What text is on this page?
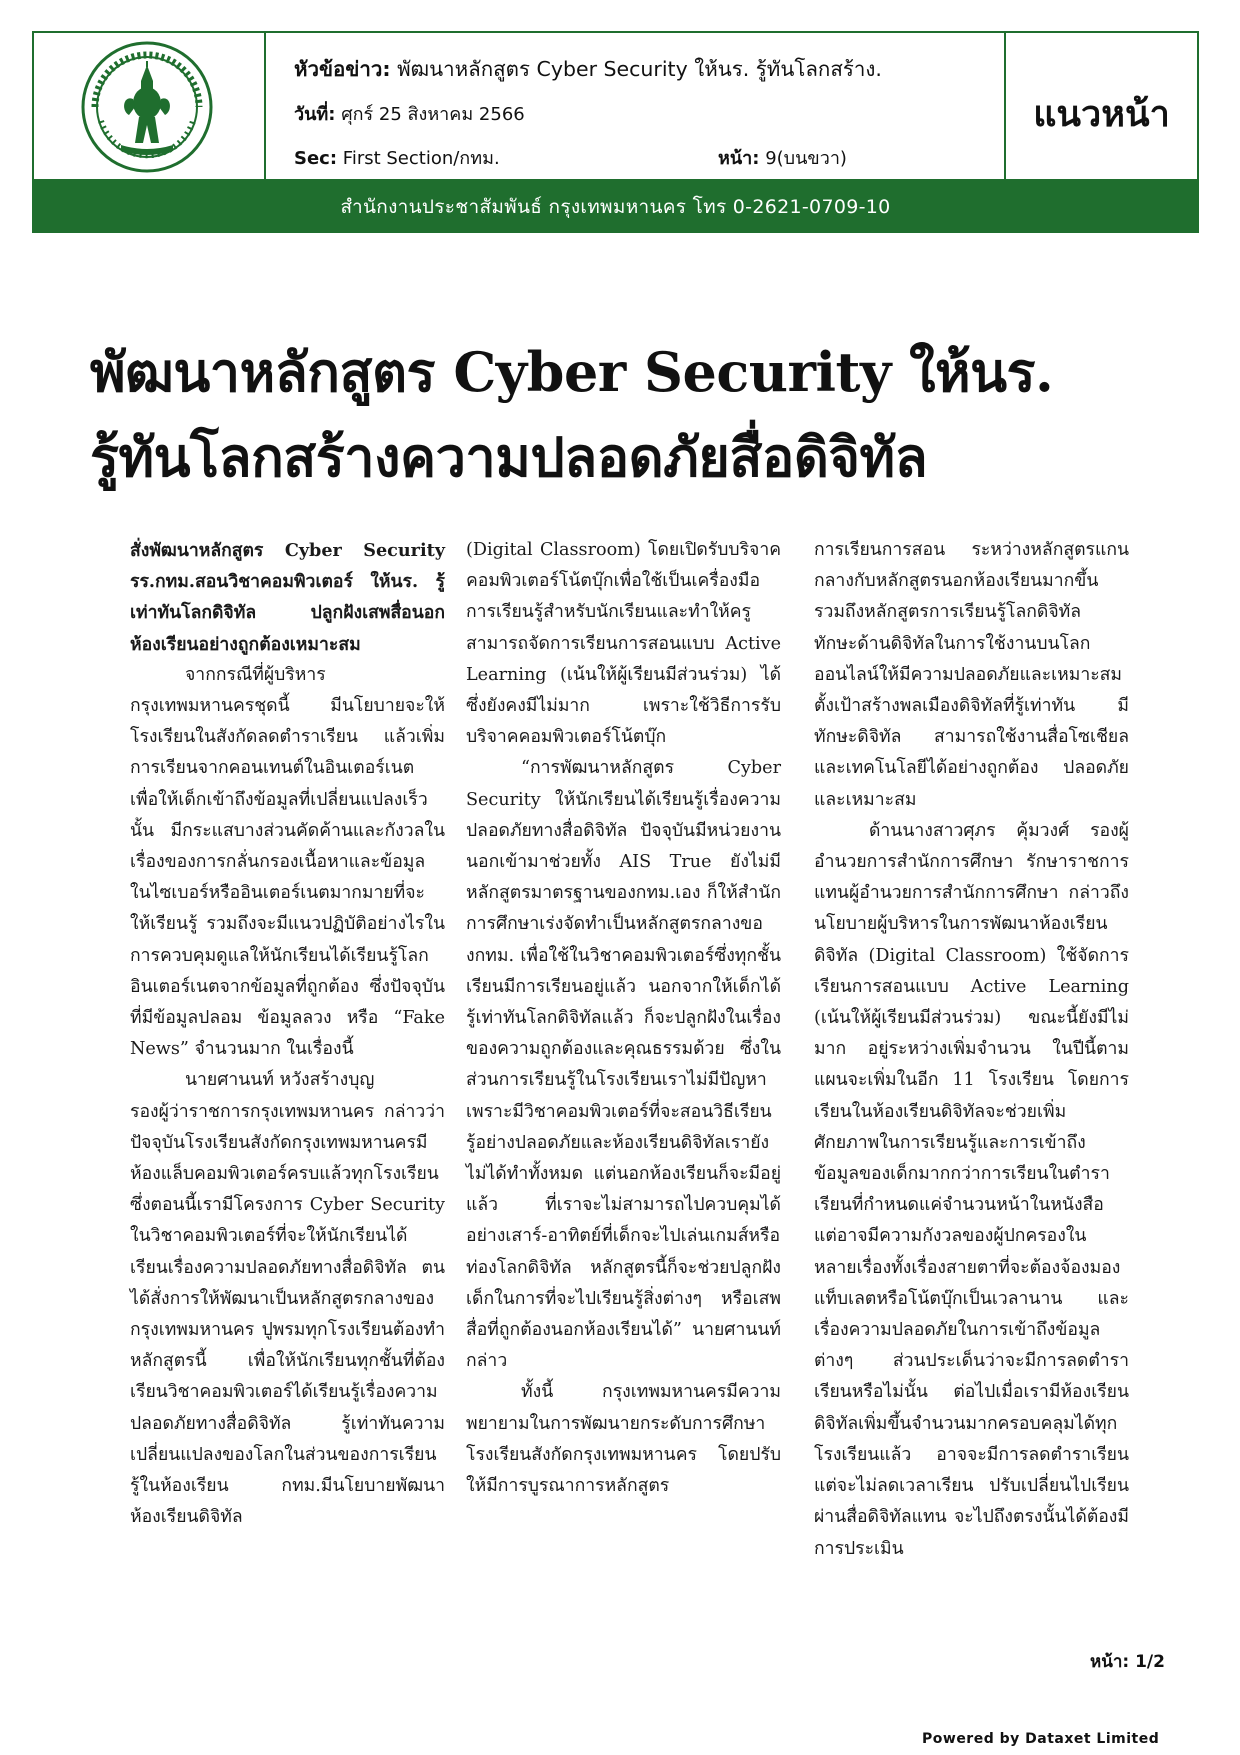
หัวข้อข่าว: พัฒนาหลักสูตร Cyber Security ให้นร. รู้ทันโลกสร้าง.
วันที่: ศุกร์ 25 สิงหาคม 2566
Sec: First Section/กทม.	หน้า: 9(บนขวา)
แนวหน้า
สำนักงานประชาสัมพันธ์ กรุงเทพมหานคร โทร 0-2621-0709-10
พัฒนาหลักสูตร Cyber Security ให้นร.
รู้ทันโลกสร้างความปลอดภัยสื่อดิจิทัล

สั่งพัฒนาหลักสูตร Cyber Security รร.กทม.สอนวิชาคอมพิวเตอร์ ให้นร. รู้เท่าทันโลกดิจิทัล ปลูกฝังเสพสื่อนอกห้องเรียนอย่างถูกต้องเหมาะสม

จากกรณีที่ผู้บริหารกรุงเทพมหานครชุดนี้ มีนโยบายจะให้โรงเรียนในสังกัดลดตำราเรียน แล้วเพิ่มการเรียนจากคอนเทนต์ในอินเตอร์เนต เพื่อให้เด็กเข้าถึงข้อมูลที่เปลี่ยนแปลงเร็วนั้น มีกระแสบางส่วนคัดค้านและกังวลในเรื่องของการกลั่นกรองเนื้อหาและข้อมูลในไซเบอร์หรืออินเตอร์เนตมากมายที่จะให้เรียนรู้ รวมถึงจะมีแนวปฏิบัติอย่างไรในการควบคุมดูแลให้นักเรียนได้เรียนรู้โลกอินเตอร์เนตจากข้อมูลที่ถูกต้อง ซึ่งปัจจุบันที่มีข้อมูลปลอม ข้อมูลลวง หรือ “Fake News” จำนวนมาก ในเรื่องนี้

นายศานนท์ หวังสร้างบุญ

รองผู้ว่าราชการกรุงเทพมหานคร กล่าวว่า ปัจจุบันโรงเรียนสังกัดกรุงเทพมหานครมีห้องแล็บคอมพิวเตอร์ครบแล้วทุกโรงเรียน ซึ่งตอนนี้เรามีโครงการ Cyber Security ในวิชาคอมพิวเตอร์ที่จะให้นักเรียนได้เรียนเรื่องความปลอดภัยทางสื่อดิจิทัล ตนได้สั่งการให้พัฒนาเป็นหลักสูตรกลางของกรุงเทพมหานคร ปูพรมทุกโรงเรียนต้องทำหลักสูตรนี้ เพื่อให้นักเรียนทุกชั้นที่ต้องเรียนวิชาคอมพิวเตอร์ได้เรียนรู้เรื่องความปลอดภัยทางสื่อดิจิทัล รู้เท่าทันความเปลี่ยนแปลงของโลกในส่วนของการเรียนรู้ในห้องเรียน กทม.มีนโยบายพัฒนาห้องเรียนดิจิทัล

(Digital Classroom) โดยเปิดรับบริจาคคอมพิวเตอร์โน้ตบุ๊กเพื่อใช้เป็นเครื่องมือการเรียนรู้สำหรับนักเรียนและทำให้ครูสามารถจัดการเรียนการสอนแบบ Active Learning (เน้นให้ผู้เรียนมีส่วนร่วม) ได้ ซึ่งยังคงมีไม่มาก เพราะใช้วิธีการรับบริจาคคอมพิวเตอร์โน้ตบุ๊ก

“การพัฒนาหลักสูตร Cyber Security ให้นักเรียนได้เรียนรู้เรื่องความปลอดภัยทางสื่อดิจิทัล ปัจจุบันมีหน่วยงานนอกเข้ามาช่วยทั้ง AIS True ยังไม่มีหลักสูตรมาตรฐานของกทม.เอง ก็ให้สำนักการศึกษาเร่งจัดทำเป็นหลักสูตรกลางของกทม. เพื่อใช้ในวิชาคอมพิวเตอร์ซึ่งทุกชั้นเรียนมีการเรียนอยู่แล้ว นอกจากให้เด็กได้รู้เท่าทันโลกดิจิทัลแล้ว ก็จะปลูกฝังในเรื่องของความถูกต้องและคุณธรรมด้วย ซึ่งในส่วนการเรียนรู้ในโรงเรียนเราไม่มีปัญหา เพราะมีวิชาคอมพิวเตอร์ที่จะสอนวิธีเรียนรู้อย่างปลอดภัยและห้องเรียนดิจิทัลเรายังไม่ได้ทำทั้งหมด แต่นอกห้องเรียนก็จะมีอยู่แล้ว ที่เราจะไม่สามารถไปควบคุมได้ อย่างเสาร์-อาทิตย์ที่เด็กจะไปเล่นเกมส์หรือท่องโลกดิจิทัล หลักสูตรนี้ก็จะช่วยปลูกฝังเด็กในการที่จะไปเรียนรู้สิ่งต่างๆ หรือเสพสื่อที่ถูกต้องนอกห้องเรียนได้” นายศานนท์กล่าว

ทั้งนี้ กรุงเทพมหานครมีความพยายามในการพัฒนายกระดับการศึกษาโรงเรียนสังกัดกรุงเทพมหานคร โดยปรับให้มีการบูรณาการหลักสูตร

การเรียนการสอน ระหว่างหลักสูตรแกนกลางกับหลักสูตรนอกห้องเรียนมากขึ้น รวมถึงหลักสูตรการเรียนรู้โลกดิจิทัล ทักษะด้านดิจิทัลในการใช้งานบนโลกออนไลน์ให้มีความปลอดภัยและเหมาะสม ตั้งเป้าสร้างพลเมืองดิจิทัลที่รู้เท่าทัน มีทักษะดิจิทัล สามารถใช้งานสื่อโซเชียลและเทคโนโลยีได้อย่างถูกต้อง ปลอดภัย และเหมาะสม

ด้านนางสาวศุภร คุ้มวงศ์ รองผู้อำนวยการสำนักการศึกษา รักษาราชการแทนผู้อำนวยการสำนักการศึกษา กล่าวถึงนโยบายผู้บริหารในการพัฒนาห้องเรียนดิจิทัล (Digital Classroom) ใช้จัดการเรียนการสอนแบบ Active Learning (เน้นให้ผู้เรียนมีส่วนร่วม) ขณะนี้ยังมีไม่มาก อยู่ระหว่างเพิ่มจำนวน ในปีนี้ตามแผนจะเพิ่มในอีก 11 โรงเรียน โดยการเรียนในห้องเรียนดิจิทัลจะช่วยเพิ่มศักยภาพในการเรียนรู้และการเข้าถึงข้อมูลของเด็กมากกว่าการเรียนในตำราเรียนที่กำหนดแค่จำนวนหน้าในหนังสือ แต่อาจมีความกังวลของผู้ปกครองในหลายเรื่องทั้งเรื่องสายตาที่จะต้องจ้องมองแท็บเลตหรือโน้ตบุ๊กเป็นเวลานาน และเรื่องความปลอดภัยในการเข้าถึงข้อมูลต่างๆ ส่วนประเด็นว่าจะมีการลดตำราเรียนหรือไม่นั้น ต่อไปเมื่อเรามีห้องเรียนดิจิทัลเพิ่มขึ้นจำนวนมากครอบคลุมได้ทุกโรงเรียนแล้ว อาจจะมีการลดตำราเรียน แต่จะไม่ลดเวลาเรียน ปรับเปลี่ยนไปเรียนผ่านสื่อดิจิทัลแทน จะไปถึงตรงนั้นได้ต้องมีการประเมิน

หน้า: 1/2
Powered by Dataxet Limited
